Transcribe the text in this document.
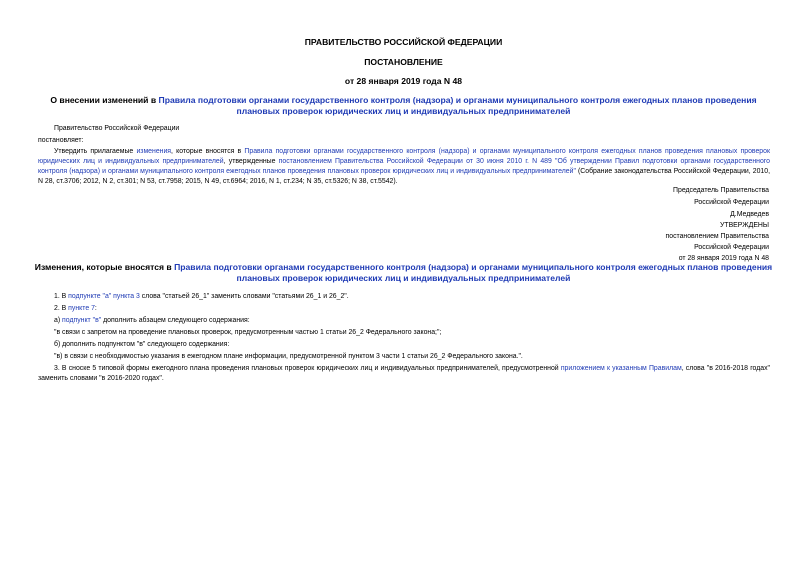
ПРАВИТЕЛЬСТВО РОССИЙСКОЙ ФЕДЕРАЦИИ
ПОСТАНОВЛЕНИЕ
от 28 января 2019 года N 48
О внесении изменений в Правила подготовки органами государственного контроля (надзора) и органами муниципального контроля ежегодных планов проведения плановых проверок юридических лиц и индивидуальных предпринимателей
Правительство Российской Федерации
постановляет:
Утвердить прилагаемые изменения, которые вносятся в Правила подготовки органами государственного контроля (надзора) и органами муниципального контроля ежегодных планов проведения плановых проверок юридических лиц и индивидуальных предпринимателей, утвержденные постановлением Правительства Российской Федерации от 30 июня 2010 г. N 489 "Об утверждении Правил подготовки органами государственного контроля (надзора) и органами муниципального контроля ежегодных планов проведения плановых проверок юридических лиц и индивидуальных предпринимателей" (Собрание законодательства Российской Федерации, 2010, N 28, ст.3706; 2012, N 2, ст.301; N 53, ст.7958; 2015, N 49, ст.6964; 2016, N 1, ст.234; N 35, ст.5326; N 38, ст.5542).
Председатель Правительства
Российской Федерации
Д.Медведев
УТВЕРЖДЕНЫ
постановлением Правительства
Российской Федерации
от 28 января 2019 года N 48
Изменения, которые вносятся в Правила подготовки органами государственного контроля (надзора) и органами муниципального контроля ежегодных планов проведения плановых проверок юридических лиц и индивидуальных предпринимателей
1. В подпункте "а" пункта 3 слова "статьей 26_1" заменить словами "статьями 26_1 и 26_2".
2. В пункте 7:
а) подпункт "в" дополнить абзацем следующего содержания:
"в связи с запретом на проведение плановых проверок, предусмотренным частью 1 статьи 26_2 Федерального закона;";
б) дополнить подпунктом "в" следующего содержания:
"в) в связи с необходимостью указания в ежегодном плане информации, предусмотренной пунктом 3 части 1 статьи 26_2 Федерального закона.".
3. В сноске 5 типовой формы ежегодного плана проведения плановых проверок юридических лиц и индивидуальных предпринимателей, предусмотренной приложением к указанным Правилам, слова "в 2016-2018 годах" заменить словами "в 2016-2020 годах".
